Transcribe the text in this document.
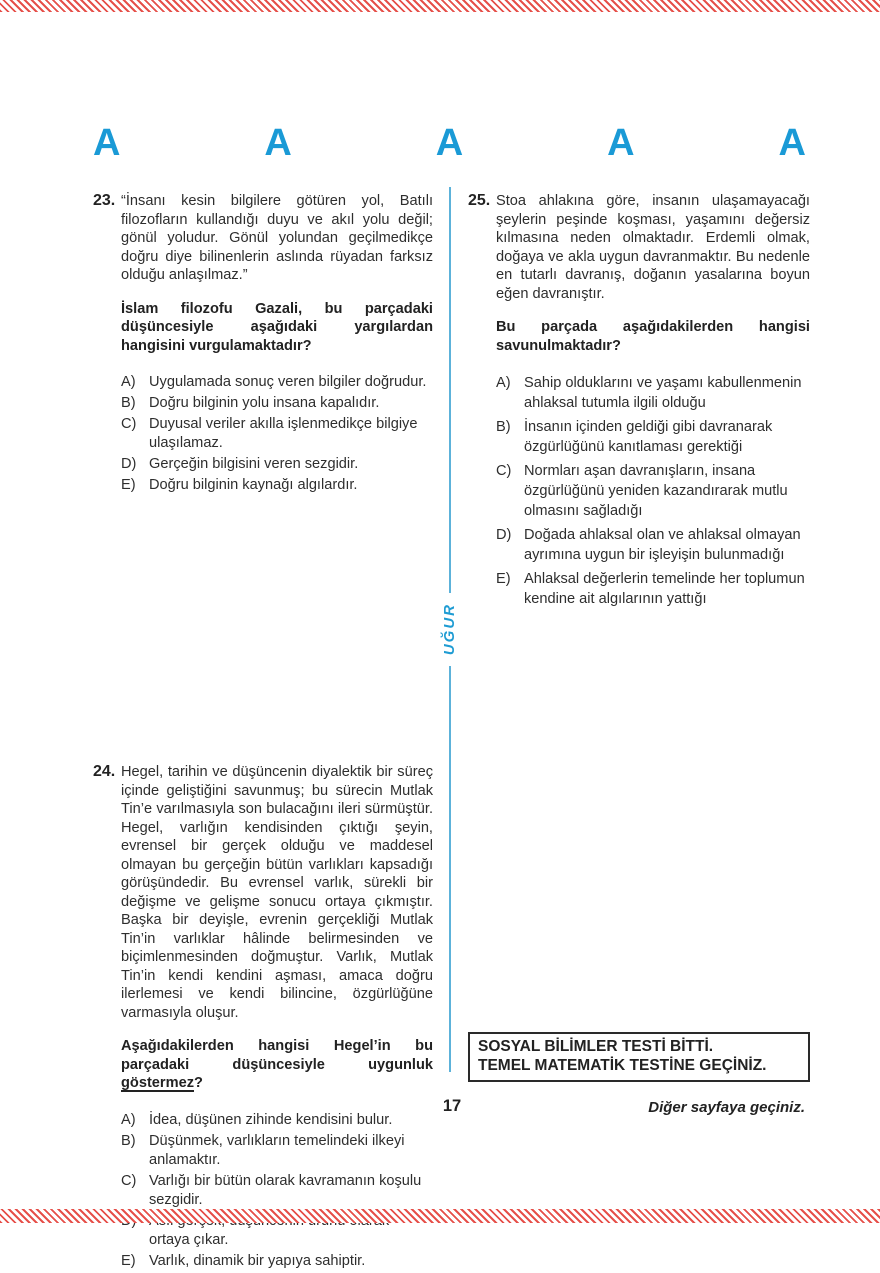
A	A	A	A	A
23. “İnsanı kesin bilgilere götüren yol, Batılı filozofların kullandığı duyu ve akıl yolu değil; gönül yoludur. Gönül yolundan geçilmedikçe doğru diye bilinenlerin aslında rüyadan farksız olduğu anlaşılmaz.”

İslam filozofu Gazali, bu parçadaki düşüncesiyle aşağıdaki yargılardan hangisini vurgulamaktadır?

A) Uygulamada sonuç veren bilgiler doğrudur.
B) Doğru bilginin yolu insana kapalıdır.
C) Duyusal veriler akılla işlenmedikçe bilgiye ulaşılamaz.
D) Gerçeğin bilgisini veren sezgidir.
E) Doğru bilginin kaynağı algılardır.
24. Hegel, tarihin ve düşüncenin diyalektik bir süreç içinde geliştiğini savunmuş; bu sürecin Mutlak Tin’e varılmasıyla son bulacağını ileri sürmüştür. Hegel, varlığın kendisinden çıktığı şeyin, evrensel bir gerçek olduğu ve maddesel olmayan bu gerçeğin bütün varlıkları kapsadığı görüşündedir. Bu evrensel varlık, sürekli bir değişme ve gelişme sonucu ortaya çıkmıştır. Başka bir deyişle, evrenin gerçekliği Mutlak Tin’in varlıklar hâlinde belirmesinden ve biçimlenmesinden doğmuştur. Varlık, Mutlak Tin’in kendi kendini aşması, amaca doğru ilerlemesi ve kendi bilincine, özgürlüğüne varmasıyla oluşur.

Aşağıdakilerden hangisi Hegel’in bu parçadaki düşüncesiyle uygunluk göstermez?

A) İdea, düşünen zihinde kendisini bulur.
B) Düşünmek, varlıkların temelindeki ilkeyi anlamaktır.
C) Varlığı bir bütün olarak kavramanın koşulu sezgidir.
ortaya çıkar.
E) Varlık, dinamik bir yapıya sahiptir.
25. Stoa ahlakına göre, insanın ulaşamayacağı şeylerin peşinde koşması, yaşamını değersiz kılmasına neden olmaktadır. Erdemli olmak, doğaya ve akla uygun davranmaktır. Bu nedenle en tutarlı davranış, doğanın yasalarına boyun eğen davranıştır.

Bu parçada aşağıdakilerden hangisi savunulmaktadır?

A) Sahip olduklarını ve yaşamı kabullenmenin ahlaksal tutumla ilgili olduğu
B) İnsanın içinden geldiği gibi davranarak özgürlüğünü kanıtlaması gerektiği
C) Normları aşan davranışların, insana özgürlüğünü yeniden kazandırarak mutlu olmasını sağladığı
D) Doğada ahlaksal olan ve ahlaksal olmayan ayrımına uygun bir işleyişin bulunmadığı
E) Ahlaksal değerlerin temelinde her toplumun kendine ait algılarının yattığı
UĞUR
SOSYAL BİLİMLER TESTİ BİTTİ.
TEMEL MATEMATİK TESTİNE GEÇİNİZ.
17	Diğer sayfaya geçiniz.
